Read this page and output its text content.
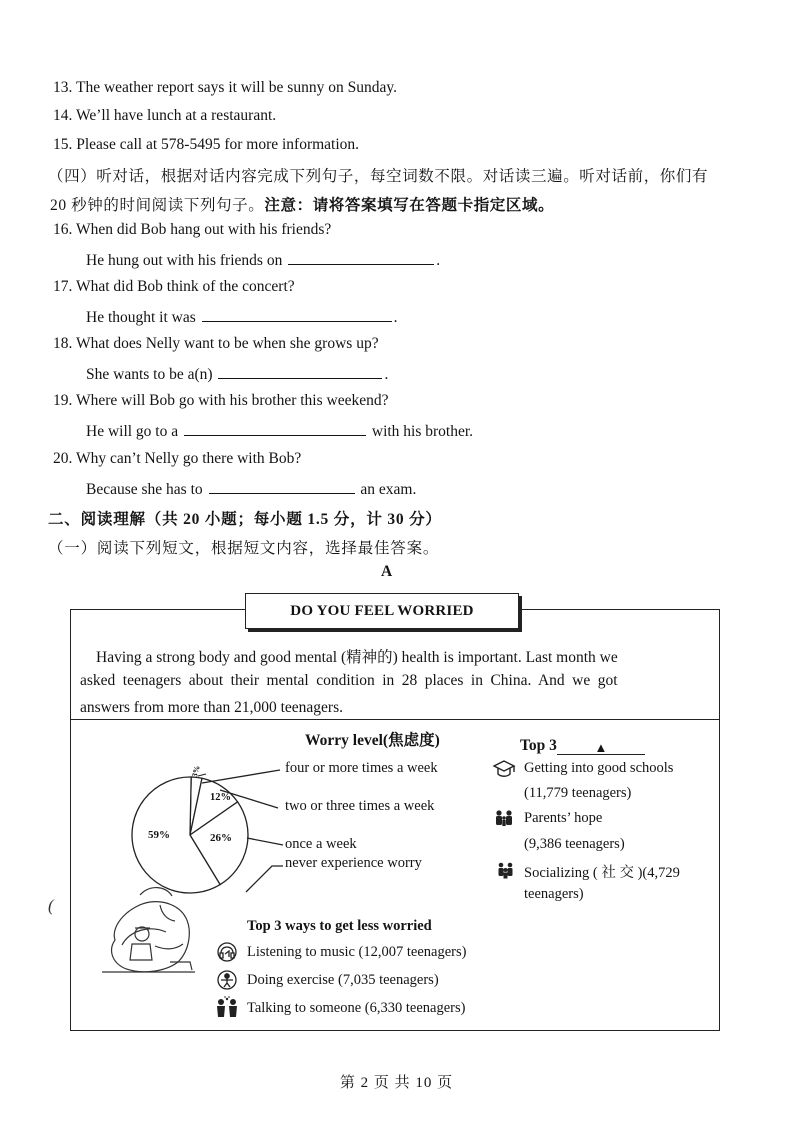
13. The weather report says it will be sunny on Sunday.
14. We’ll have lunch at a restaurant.
15. Please call at 578-5495 for more information.
（四）听对话，根据对话内容完成下列句子，每空词数不限。对话读三遍。听对话前，你们有
20 秒钟的时间阅读下列句子。注意：请将答案填写在答题卡指定区域。
16. When did Bob hang out with his friends?
He hung out with his friends on	.
17. What did Bob think of the concert?
He thought it was	.
18. What does Nelly want to be when she grows up?
She wants to be a(n)	.
19. Where will Bob go with his brother this weekend?
He will go to a	with his brother.
20. Why can’t Nelly go there with Bob?
Because she has to	an exam.
二、阅读理解（共 20 小题；每小题 1.5 分，计 30 分）
（一）阅读下列短文，根据短文内容，选择最佳答案。
A
DO YOU FEEL WORRIED
Having a strong body and good mental (精神的) health is important. Last month we
asked teenagers about their mental condition in 28 places in China. And we got
answers from more than 21,000 teenagers.
(
Worry level(焦虑度)
59%	26%
12%
3%	four or more times a week
two or three times a week
once a week
never experience worry
Top 3	▲
Getting into good schools
(11,779 teenagers)
Parents’ hope
(9,386 teenagers)
Socializing ( 社 交 )(4,729
teenagers)
Top 3 ways to get less worried
Listening to music (12,007 teenagers)
Doing exercise (7,035 teenagers)
Talking to someone (6,330 teenagers)
第 2 页 共 10 页
